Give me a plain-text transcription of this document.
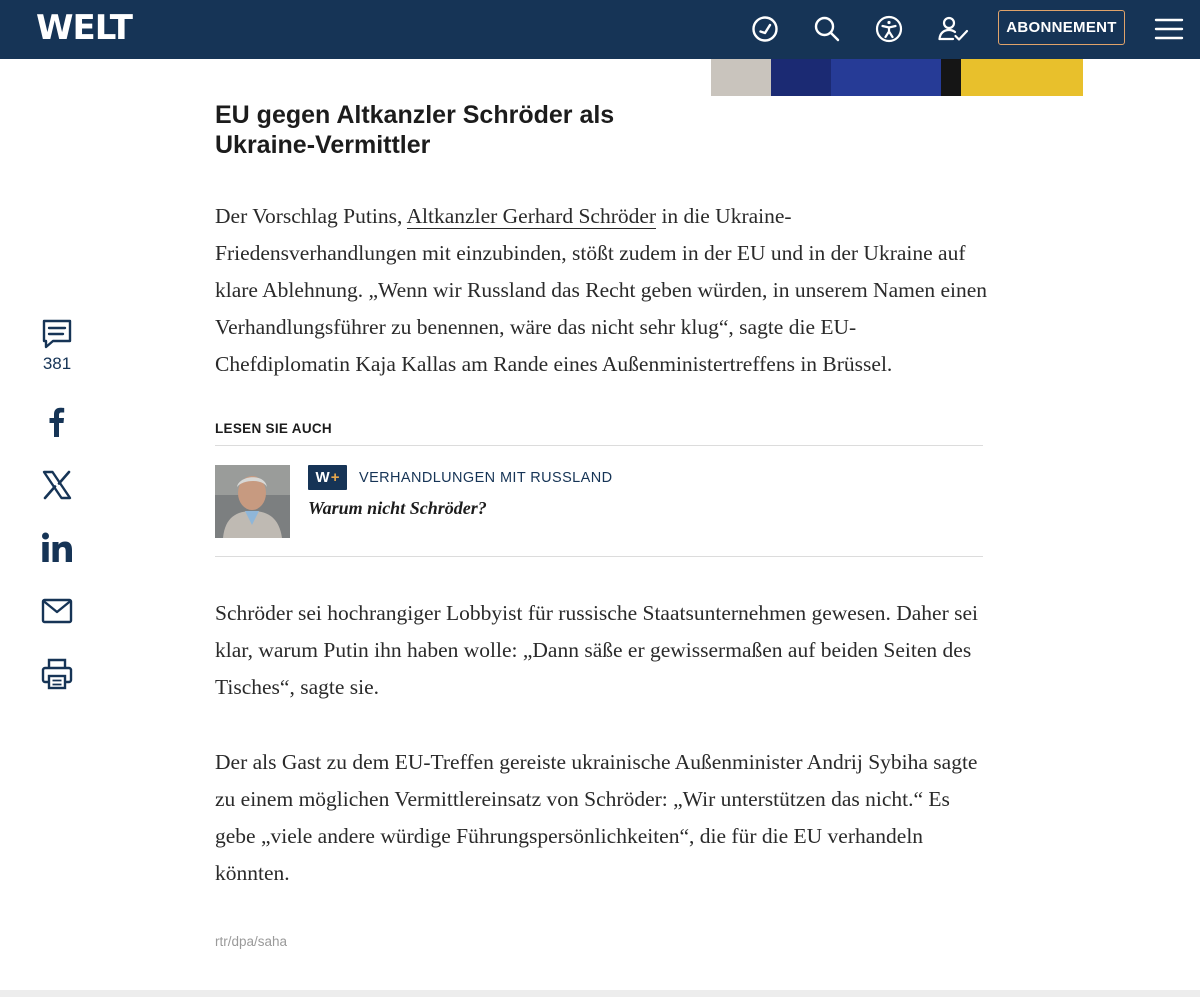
WELT	ABONNEMENT
381
EU gegen Altkanzler Schröder als Ukraine-Vermittler

Der Vorschlag Putins, Altkanzler Gerhard Schröder in die Ukraine-Friedensverhandlungen mit einzubinden, stößt zudem in der EU und in der Ukraine auf klare Ablehnung. „Wenn wir Russland das Recht geben würden, in unserem Namen einen Verhandlungsführer zu benennen, wäre das nicht sehr klug“, sagte die EU-Chefdiplomatin Kaja Kallas am Rande eines Außenministertreffens in Brüssel.

LESEN SIE AUCH
W + VERHANDLUNGEN MIT RUSSLAND
Warum nicht Schröder?

Schröder sei hochrangiger Lobbyist für russische Staatsunternehmen gewesen. Daher sei klar, warum Putin ihn haben wolle: „Dann säße er gewissermaßen auf beiden Seiten des Tisches“, sagte sie.

Der als Gast zu dem EU-Treffen gereiste ukrainische Außenminister Andrij Sybiha sagte zu einem möglichen Vermittlereinsatz von Schröder: „Wir unterstützen das nicht.“ Es gebe „viele andere würdige Führungspersönlichkeiten“, die für die EU verhandeln könnten.

rtr/dpa/saha
